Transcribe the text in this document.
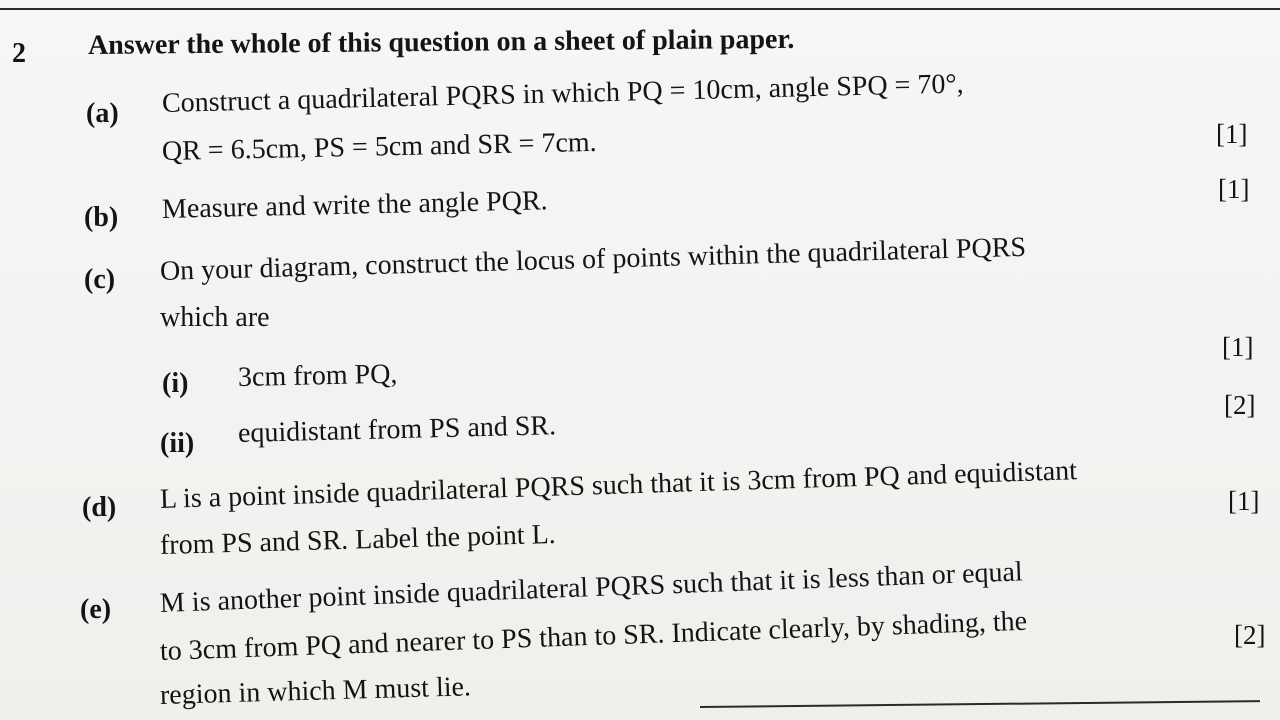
2 Answer the whole of this question on a sheet of plain paper.
(a) Construct a quadrilateral PQRS in which PQ = 10cm, angle SPQ = 70°,
QR = 6.5cm, PS = 5cm and SR = 7cm.	[1]
(b) Measure and write the angle PQR.	[1]
(c) On your diagram, construct the locus of points within the quadrilateral PQRS
which are
(i) 3cm from PQ,
[1]
(ii) equidistant from PS and SR.
[2]
(d) L is a point inside quadrilateral PQRS such that it is 3cm from PQ and equidistant
from PS and SR. Label the point L.
[1]
(e) M is another point inside quadrilateral PQRS such that it is less than or equal
to 3cm from PQ and nearer to PS than to SR. Indicate clearly, by shading, the
region in which M must lie.
[2]
